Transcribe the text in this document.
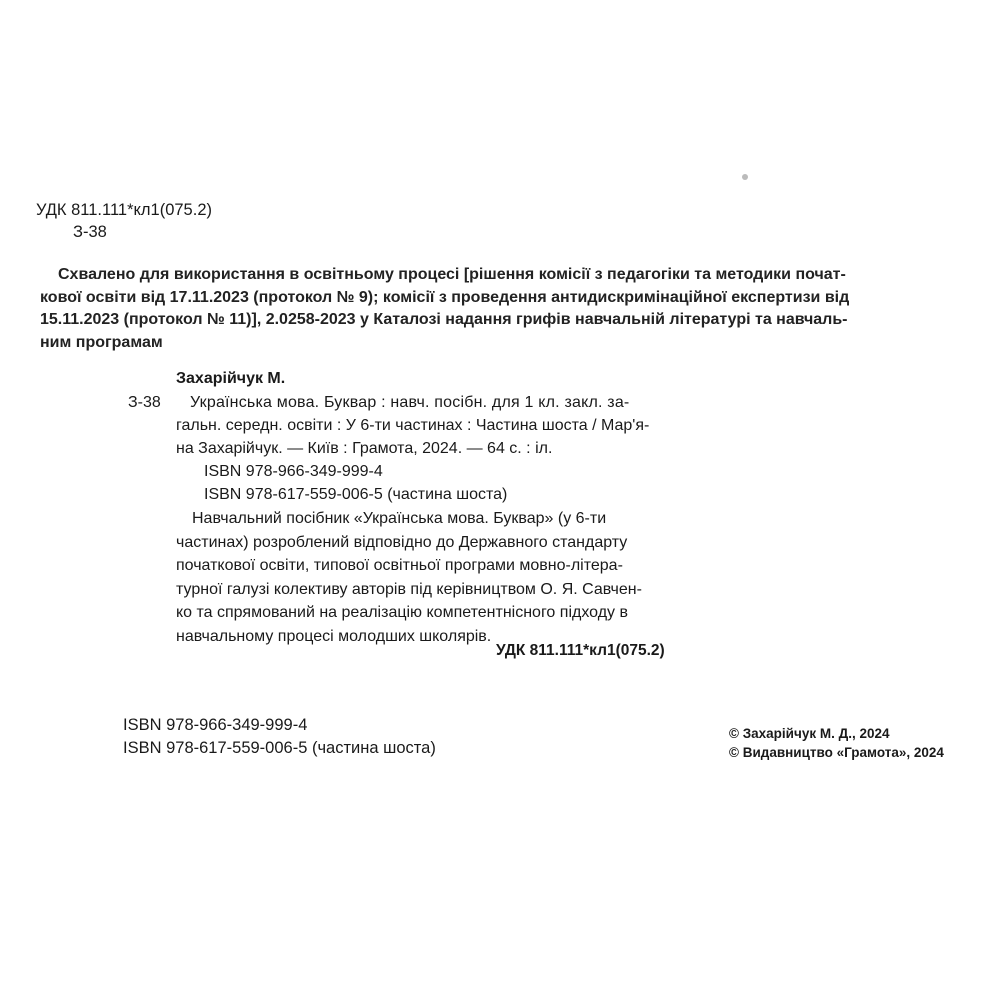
УДК 811.111*кл1(075.2)
З-38
Схвалено для використання в освітньому процесі [рішення комісії з педагогіки та методики почат-
кової освіти від 17.11.2023 (протокол № 9); комісії з проведення антидискримінаційної експертизи від
15.11.2023 (протокол № 11)], 2.0258-2023 у Каталозі надання грифів навчальній літературі та навчаль-
ним програмам
Захарійчук М.
З-38	Українська мова. Буквар : навч. посібн. для 1 кл. закл. за-
гальн. середн. освіти : У 6-ти частинах : Частина шоста / Мар'я-
на Захарійчук. — Київ : Грамота, 2024. — 64 с. : іл.
ISBN 978-966-349-999-4
ISBN 978-617-559-006-5 (частина шоста)
Навчальний посібник «Українська мова. Буквар» (у 6-ти
частинах) розроблений відповідно до Державного стандарту
початкової освіти, типової освітньої програми мовно-літера-
турної галузі колективу авторів під керівництвом О. Я. Савчен-
ко та спрямований на реалізацію компетентнісного підходу в
навчальному процесі молодших школярів.
УДК 811.111*кл1(075.2)
ISBN 978-966-349-999-4
ISBN 978-617-559-006-5 (частина шоста)
© Захарійчук М. Д., 2024
© Видавництво «Грамота», 2024
